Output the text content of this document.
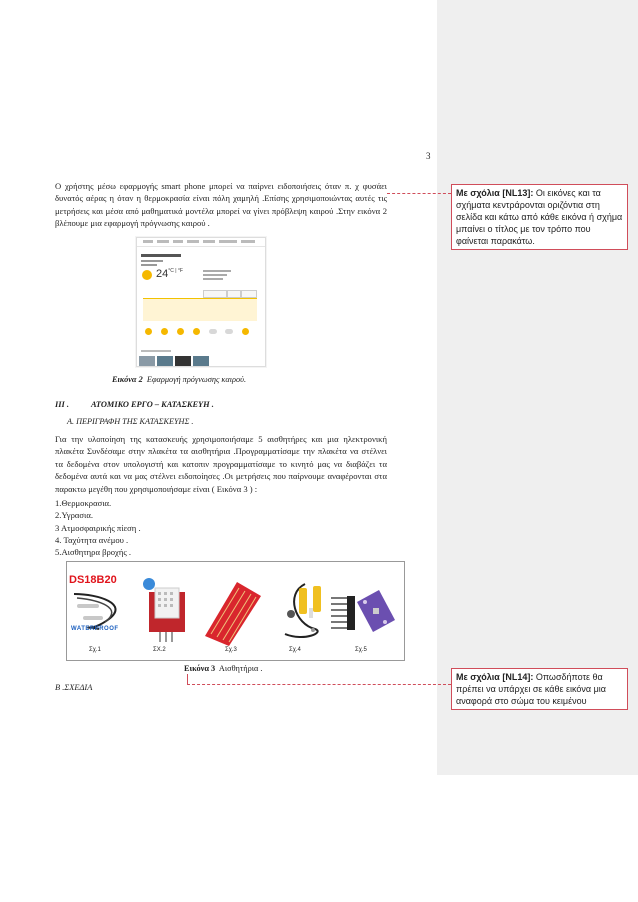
3
Ο χρήστης μέσω εφαρμογής smart phone μπορεί να παίρνει ειδοποιήσεις όταν π. χ φυσάει δυνατός αέρας η όταν η θερμοκρασία είναι πόλη χαμηλή .Επίσης χρησιμοποιώντας αυτές τις μετρήσεις και μέσα από μαθηματικά μοντέλα μπορεί να γίνει πρόβλεψη καιρού .Στην εικόνα 2 βλέπουμε μια εφαρμογή πρόγνωσης καιρού .
$24^{^\circ C | ^\circ F}$
Εικόνα 2 Εφαρμογή πρόγνωσης καιρού.
III .	ΑΤΟΜΙΚΟ ΕΡΓΟ – ΚΑΤΑΣΚΕΥΗ .
Α. ΠΕΡΙΓΡΑΦΗ ΤΗΣ ΚΑΤΑΣΚΕΥΗΣ .
Για την υλοποίηση της κατασκευής χρησιμοποιήσαμε 5 αισθητήρες και μια ηλεκτρονική πλακέτα Συνδέσαμε στην πλακέτα τα αισθητήρια .Προγραμματίσαμε την πλακέτα να στέλνει τα δεδομένα στον υπολογιστή και κατοπιν προγραμματίσαμε το κινητό μας να διαβάζει τα δεδομένα αυτά και να μας στέλνει ειδοποίησες .Οι μετρήσεις που παίρνουμε αναφέρονται στα παρακτω μεγέθη που χρησιμοποιήσαμε είναι ( Εικόνα 3 ) :
1.Θερμοκρασια.
2.Υγρασια.
3 Ατμοσφαιρικής πίεση .
4. Ταχύτητα ανέμου .
5.Αισθητηρα βροχής .
DS18B20
WATERPROOF
Σχ.1	ΣΧ.2	Σχ.3	Σχ.4	Σχ.5
Εικόνα 3 Αισθητήρια .
Β .ΣΧΕΔΙΑ
Με σχόλια [NL13]: Οι εικόνες και τα σχήματα κεντράρονται οριζόντια στη σελίδα και κάτω από κάθε εικόνα ή σχήμα μπαίνει ο τίτλος με τον τρόπο που φαίνεται παρακάτω.
Με σχόλια [NL14]: Οπωσδήποτε θα πρέπει να υπάρχει σε κάθε εικόνα μια αναφορά στο σώμα του κειμένου
